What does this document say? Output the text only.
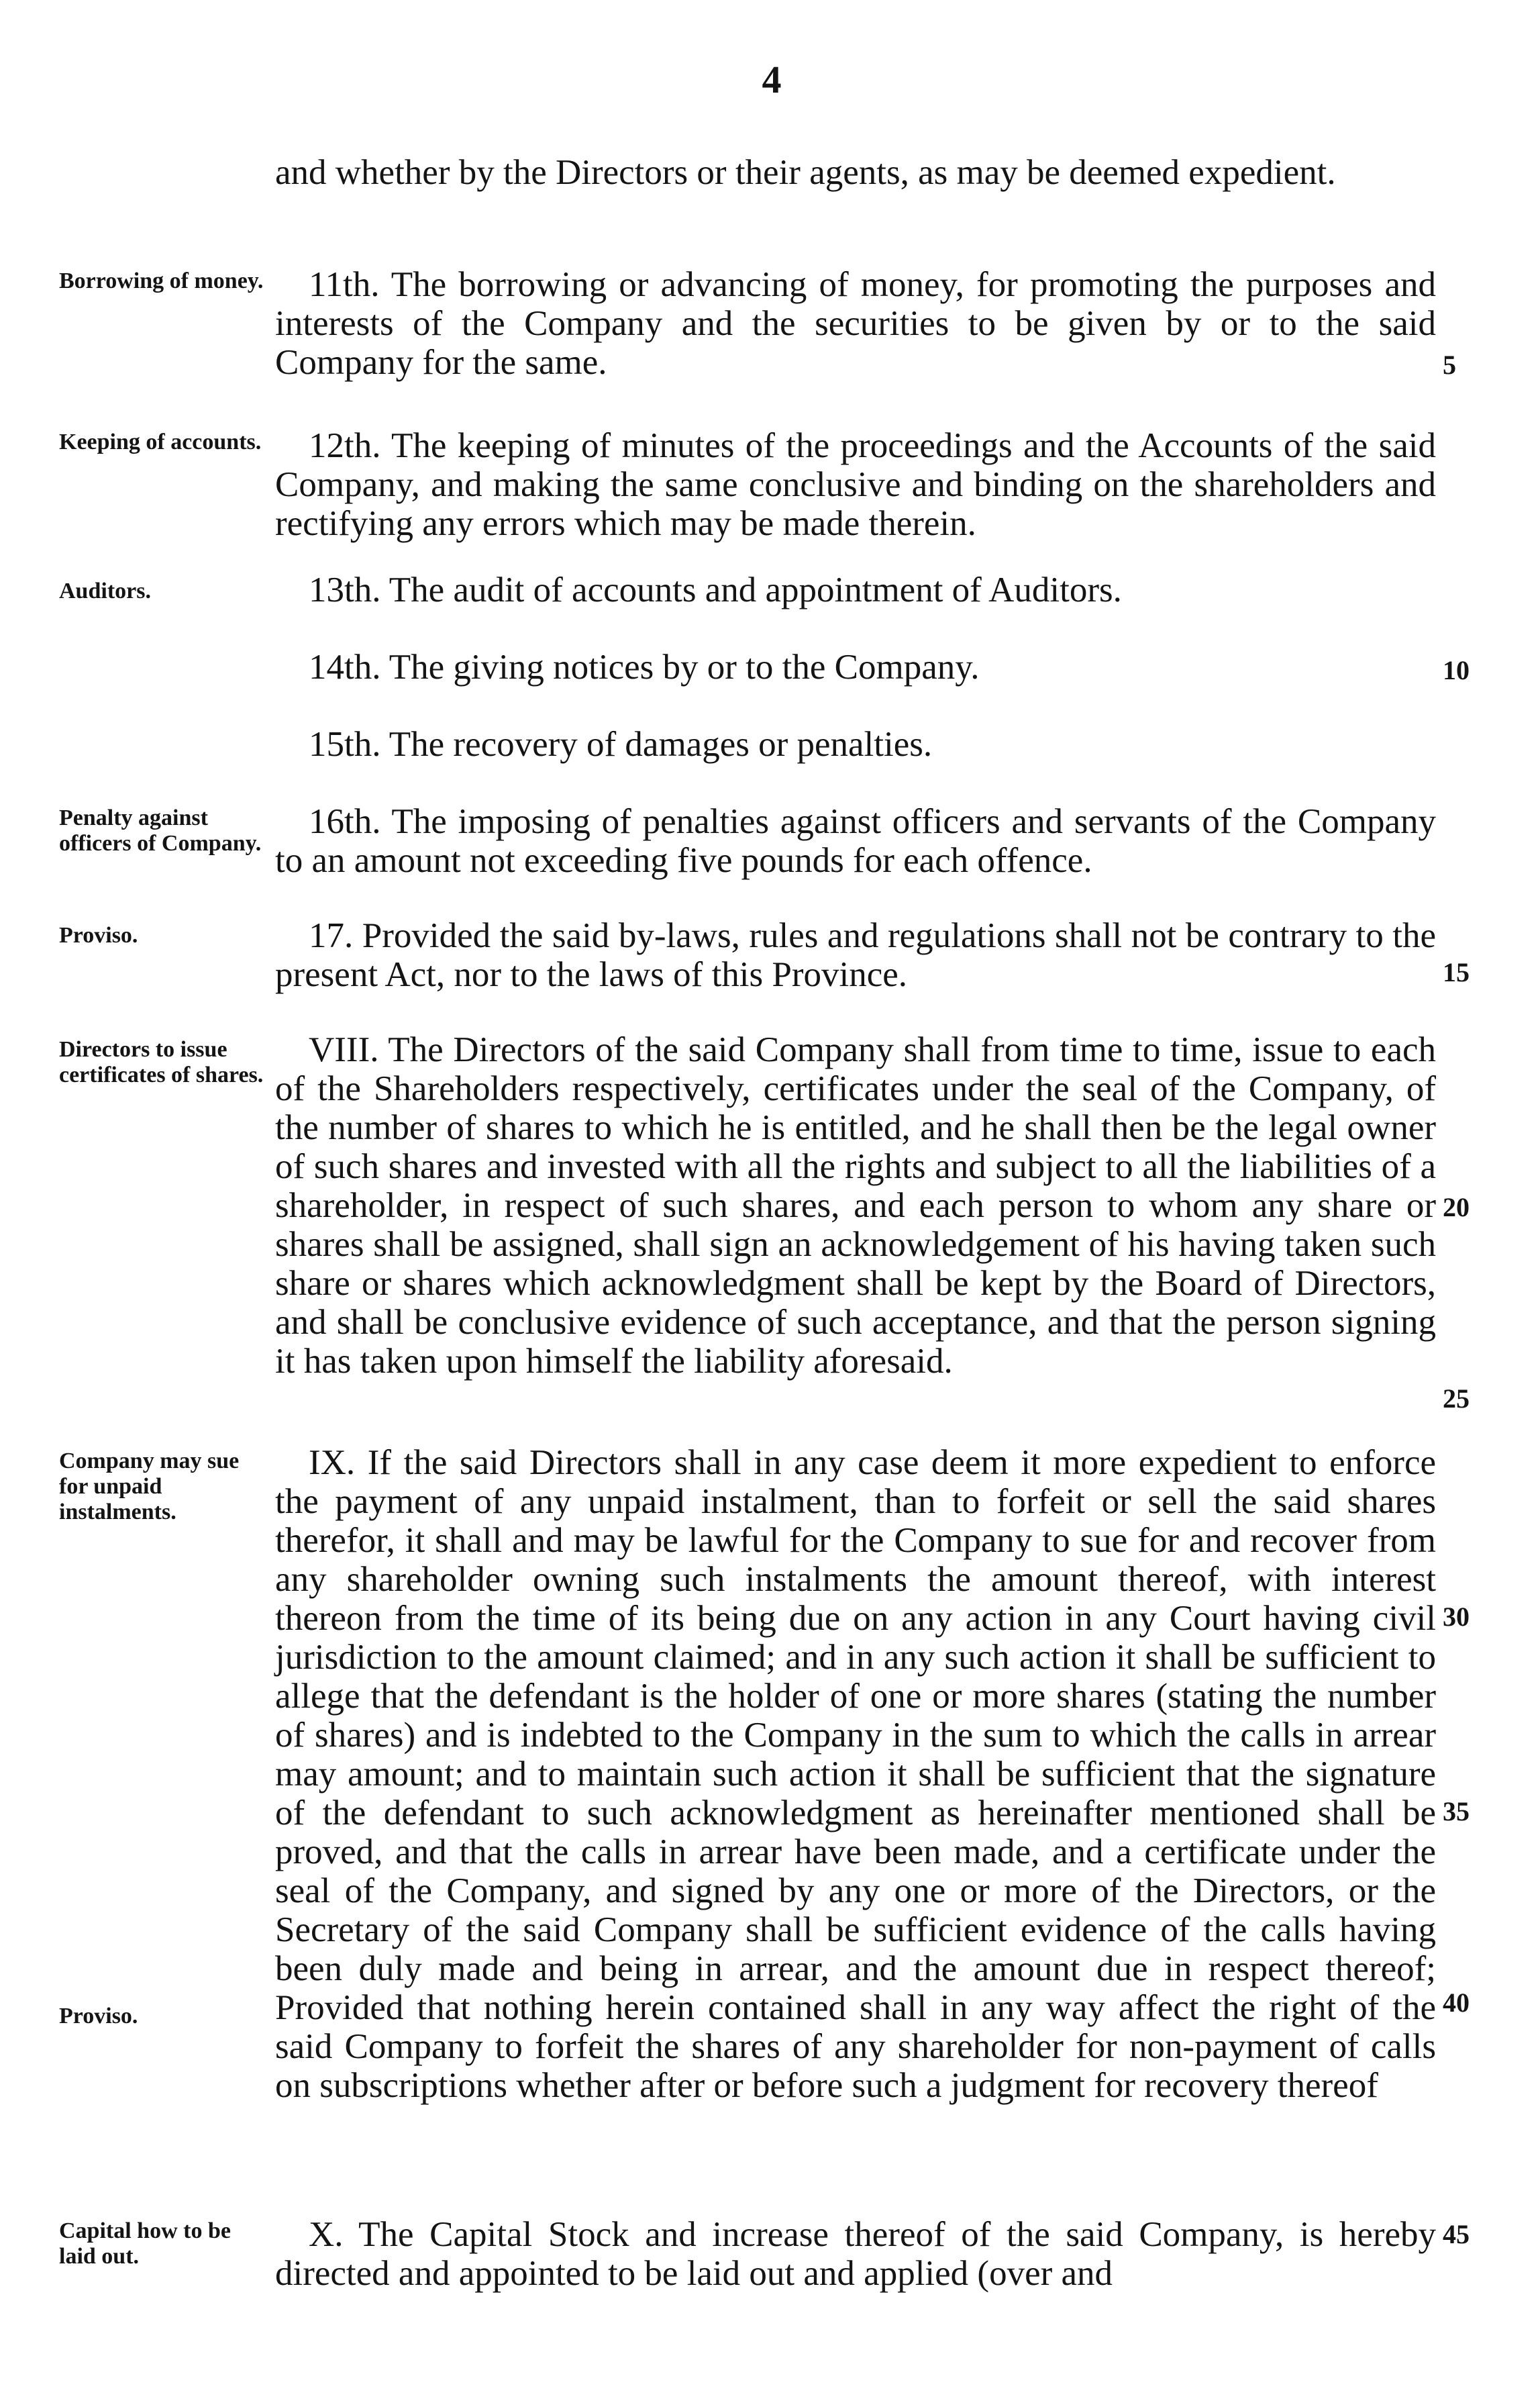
4

and whether by the Directors or their agents, as may be deemed expedient.

11th. The borrowing or advancing of money, for promoting the purposes and interests of the Company and the securities to be given by or to the said Company for the same.

12th. The keeping of minutes of the proceedings and the Accounts of the said Company, and making the same conclusive and binding on the shareholders and rectifying any errors which may be made therein.

13th. The audit of accounts and appointment of Auditors.

14th. The giving notices by or to the Company.

15th. The recovery of damages or penalties.

16th. The imposing of penalties against officers and servants of the Company to an amount not exceeding five pounds for each offence.

17. Provided the said by-laws, rules and regulations shall not be contrary to the present Act, nor to the laws of this Province.

VIII. The Directors of the said Company shall from time to time, issue to each of the Shareholders respectively, certificates under the seal of the Company, of the number of shares to which he is entitled, and he shall then be the legal owner of such shares and invested with all the rights and subject to all the liabilities of a shareholder, in respect of such shares, and each person to whom any share or shares shall be assigned, shall sign an acknowledgement of his having taken such share or shares which acknowledgment shall be kept by the Board of Directors, and shall be conclusive evidence of such acceptance, and that the person signing it has taken upon himself the liability aforesaid.

IX. If the said Directors shall in any case deem it more expedient to enforce the payment of any unpaid instalment, than to forfeit or sell the said shares therefor, it shall and may be lawful for the Company to sue for and recover from any shareholder owning such instalments the amount thereof, with interest thereon from the time of its being due on any action in any Court having civil jurisdiction to the amount claimed; and in any such action it shall be sufficient to allege that the defendant is the holder of one or more shares (stating the number of shares) and is indebted to the Company in the sum to which the calls in arrear may amount; and to maintain such action it shall be sufficient that the signature of the defendant to such acknowledgment as hereinafter mentioned shall be proved, and that the calls in arrear have been made, and a certificate under the seal of the Company, and signed by any one or more of the Directors, or the Secretary of the said Company shall be sufficient evidence of the calls having been duly made and being in arrear, and the amount due in respect thereof; Provided that nothing herein contained shall in any way affect the right of the said Company to forfeit the shares of any shareholder for non-payment of calls on subscriptions whether after or before such a judgment for recovery thereof

X. The Capital Stock and increase thereof of the said Company, is hereby directed and appointed to be laid out and applied (over and

Borrowing of money.
Keeping of accounts.
Auditors.
Penalty against officers of Company.
Proviso.
Directors to issue certificates of shares.
Company may sue for unpaid instalments.
Proviso.
Capital how to be laid out.
5
10
15
20
25
30
35
40
45
